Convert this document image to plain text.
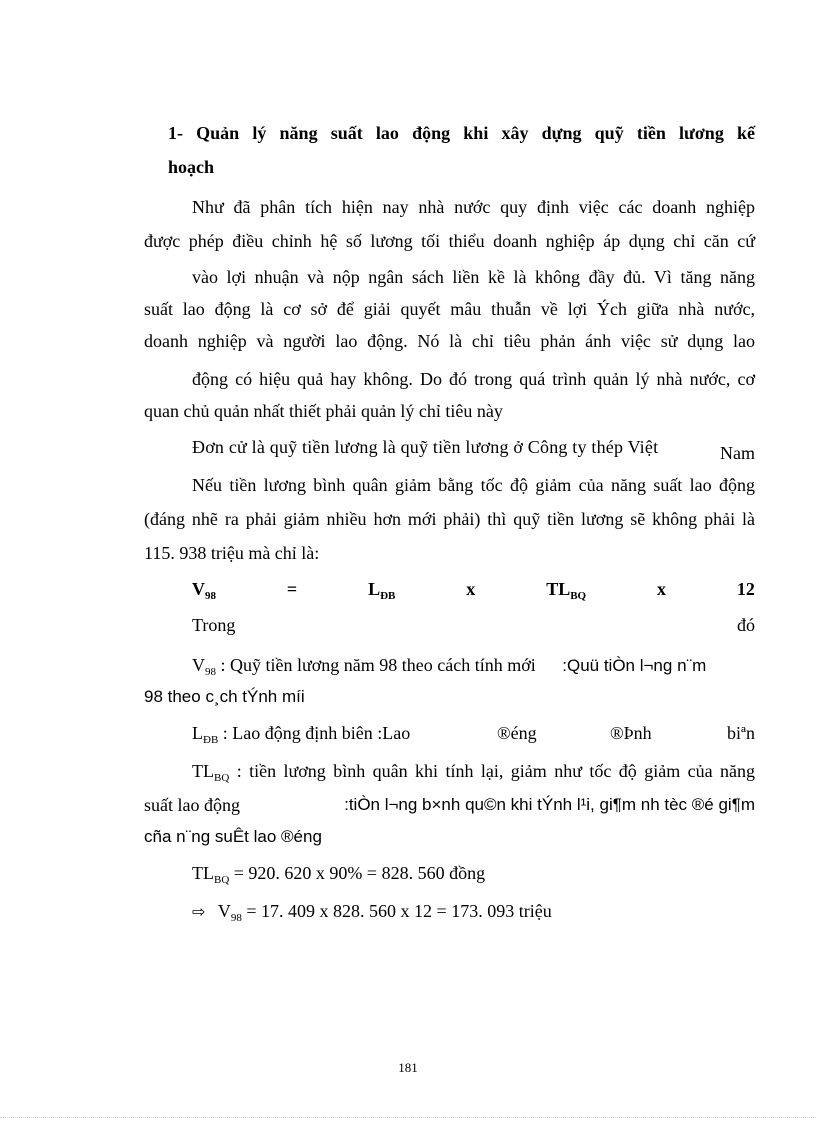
1- Quản lý năng suất lao động khi xây dựng quỹ tiền lương kế
hoạch
Như đã phân tích hiện nay nhà nước quy định việc các doanh nghiệp
được phép điều chỉnh hệ số lương tối thiểu doanh nghiệp áp dụng chỉ căn cứ
vào lợi nhuận và nộp ngân sách liền kề là không đầy đủ. Vì tăng năng
suất lao động là cơ sở để giải quyết mâu thuẫn về lợi Ých giữa nhà nước,
doanh nghiệp và người lao động. Nó là chỉ tiêu phản ánh việc sử dụng lao
động có hiệu quả hay không. Do đó trong quá trình quản lý nhà nước, cơ
quan chủ quản nhất thiết phải quản lý chỉ tiêu này
Đơn cử là quỹ tiền lương là quỹ tiền lương ở Công ty thép Việt	Nam
Nếu tiền lương bình quân giảm bằng tốc độ giảm của năng suất lao động
(đáng nhẽ ra phải giảm nhiều hơn mới phải) thì quỹ tiền lương sẽ không phải là
115. 938 triệu mà chỉ là:
$V_{98}$	=	$L_{ĐB}$	x	$TL_{BQ}$	x	12
Trong	đó
$V_{98}$ : Quỹ tiền lương năm 98 theo cách tính mới :Quü tiÒn l¬ng n¨m
98 theo c¸ch tÝnh míi
$L_{ĐB}$ : Lao động định biên :Lao	®éng	®Þnh	biªn
$TL_{BQ}$ : tiền lương bình quân khi tính lại, giảm như tốc độ giảm của năng
suất lao động	:tiÒn l¬ng b×nh qu©n khi tÝnh l¹i, gi¶m nh tèc ®é gi¶m
cña n¨ng suÊt lao ®éng
$TL_{BQ} = 920$. 620 x 90% = 828. 560 đồng
⇨ $V_{98} = 17$. 409 x 828. 560 x 12 = 173. 093 triệu
181
